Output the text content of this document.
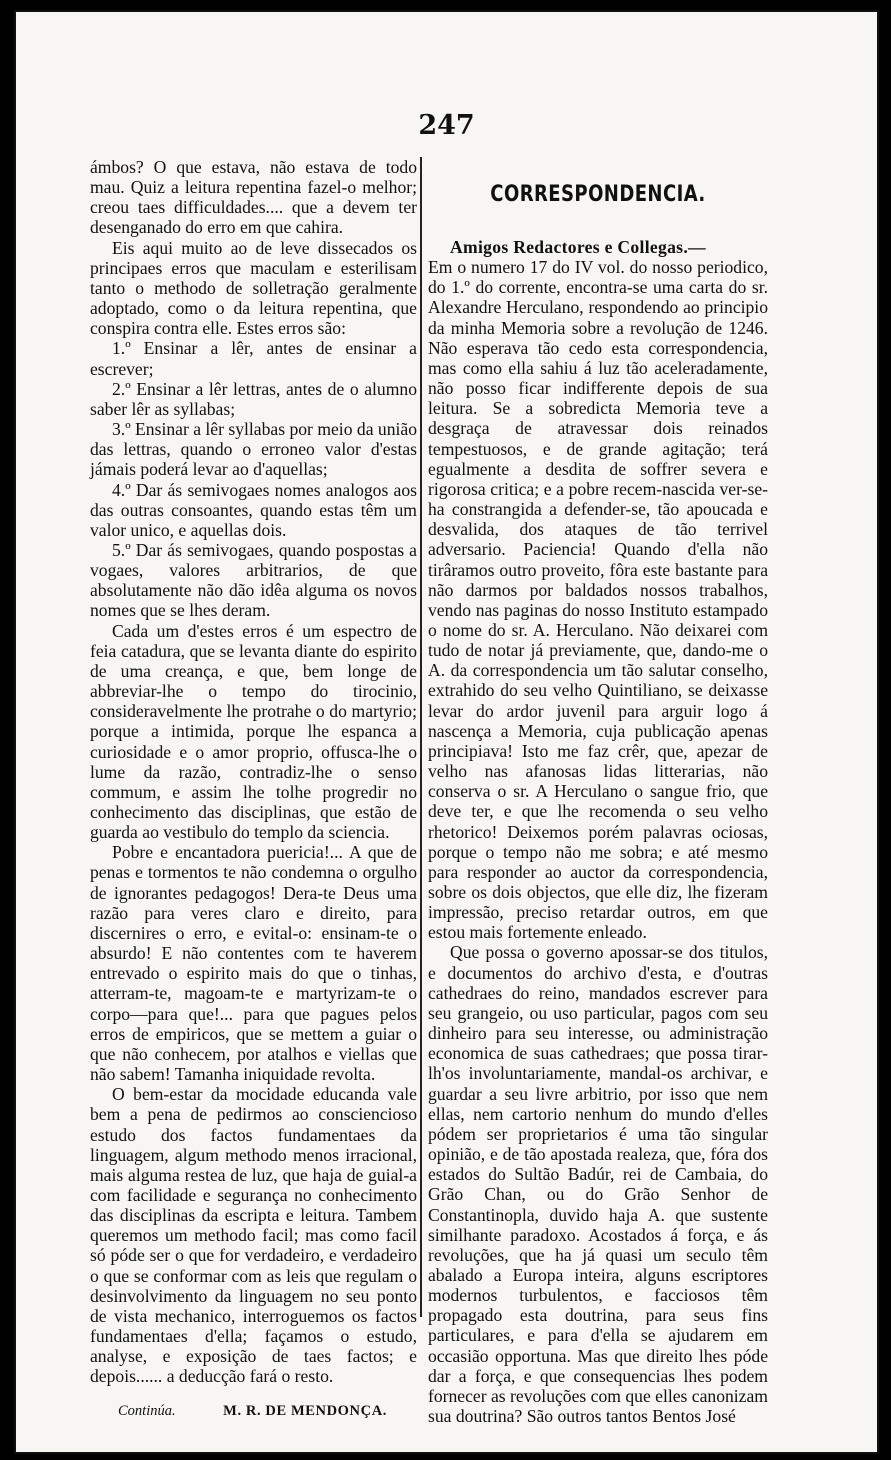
247

ámbos? O que estava, não estava de todo mau. Quiz a leitura repentina fazel-o melhor; creou taes difficuldades.... que a devem ter desenganado do erro em que cahira.

Eis aqui muito ao de leve dissecados os principaes erros que maculam e esterilisam tanto o methodo de solletração geralmente adoptado, como o da leitura repentina, que conspira contra elle. Estes erros são:

1.º Ensinar a lêr, antes de ensinar a escrever;

2.º Ensinar a lêr lettras, antes de o alumno saber lêr as syllabas;

3.º Ensinar a lêr syllabas por meio da união das lettras, quando o erroneo valor d'estas jámais poderá levar ao d'aquellas;

4.º Dar ás semivogaes nomes analogos aos das outras consoantes, quando estas têm um valor unico, e aquellas dois.

5.º Dar ás semivogaes, quando pospostas a vogaes, valores arbitrarios, de que absolutamente não dão idêa alguma os novos nomes que se lhes deram.

Cada um d'estes erros é um espectro de feia catadura, que se levanta diante do espirito de uma creança, e que, bem longe de abbreviar-lhe o tempo do tirocinio, consideravelmente lhe protrahe o do martyrio; porque a intimida, porque lhe espanca a curiosidade e o amor proprio, offusca-lhe o lume da razão, contradiz-lhe o senso commum, e assim lhe tolhe progredir no conhecimento das disciplinas, que estão de guarda ao vestibulo do templo da sciencia.

Pobre e encantadora puericia!... A que de penas e tormentos te não condemna o orgulho de ignorantes pedagogos! Dera-te Deus uma razão para veres claro e direito, para discernires o erro, e evital-o: ensinam-te o absurdo! E não contentes com te haverem entrevado o espirito mais do que o tinhas, atterram-te, magoam-te e martyrizam-te o corpo—para que!... para que pagues pelos erros de empiricos, que se mettem a guiar o que não conhecem, por atalhos e viellas que não sabem! Tamanha iniquidade revolta.

O bem-estar da mocidade educanda vale bem a pena de pedirmos ao consciencioso estudo dos factos fundamentaes da linguagem, algum methodo menos irracional, mais alguma restea de luz, que haja de guial-a com facilidade e segurança no conhecimento das disciplinas da escripta e leitura. Tambem queremos um methodo facil; mas como facil só póde ser o que for verdadeiro, e verdadeiro o que se conformar com as leis que regulam o desinvolvimento da linguagem no seu ponto de vista mechanico, interroguemos os factos fundamentaes d'ella; façamos o estudo, analyse, e exposição de taes factos; e depois...... a deducção fará o resto.

Continúa.	M. R. DE MENDONÇA.
CORRESPONDENCIA.

Amigos Redactores e Collegas.—

Em o numero 17 do IV vol. do nosso periodico, do 1.º do corrente, encontra-se uma carta do sr. Alexandre Herculano, respondendo ao principio da minha Memoria sobre a revolução de 1246. Não esperava tão cedo esta correspondencia, mas como ella sahiu á luz tão aceleradamente, não posso ficar indifferente depois de sua leitura. Se a sobredicta Memoria teve a desgraça de atravessar dois reinados tempestuosos, e de grande agitação; terá egualmente a desdita de soffrer severa e rigorosa critica; e a pobre recem-nascida ver-se-ha constrangida a defender-se, tão apoucada e desvalida, dos ataques de tão terrivel adversario. Paciencia! Quando d'ella não tirâramos outro proveito, fôra este bastante para não darmos por baldados nossos trabalhos, vendo nas paginas do nosso Instituto estampado o nome do sr. A. Herculano. Não deixarei com tudo de notar já previamente, que, dando-me o A. da correspondencia um tão salutar conselho, extrahido do seu velho Quintiliano, se deixasse levar do ardor juvenil para arguir logo á nascença a Memoria, cuja publicação apenas principiava! Isto me faz crêr, que, apezar de velho nas afanosas lidas litterarias, não conserva o sr. A Herculano o sangue frio, que deve ter, e que lhe recomenda o seu velho rhetorico! Deixemos porém palavras ociosas, porque o tempo não me sobra; e até mesmo para responder ao auctor da correspondencia, sobre os dois objectos, que elle diz, lhe fizeram impressão, preciso retardar outros, em que estou mais fortemente enleado.

Que possa o governo apossar-se dos titulos, e documentos do archivo d'esta, e d'outras cathedraes do reino, mandados escrever para seu grangeio, ou uso particular, pagos com seu dinheiro para seu interesse, ou administração economica de suas cathedraes; que possa tirar-lh'os involuntariamente, mandal-os archivar, e guardar a seu livre arbitrio, por isso que nem ellas, nem cartorio nenhum do mundo d'elles pódem ser proprietarios é uma tão singular opinião, e de tão apostada realeza, que, fóra dos estados do Sultão Badúr, rei de Cambaia, do Grão Chan, ou do Grão Senhor de Constantinopla, duvido haja A. que sustente similhante paradoxo. Acostados á força, e ás revoluções, que ha já quasi um seculo têm abalado a Europa inteira, alguns escriptores modernos turbulentos, e facciosos têm propagado esta doutrina, para seus fins particulares, e para d'ella se ajudarem em occasião opportuna. Mas que direito lhes póde dar a força, e que consequencias lhes podem fornecer as revoluções com que elles canonizam sua doutrina? São outros tantos Bentos José
